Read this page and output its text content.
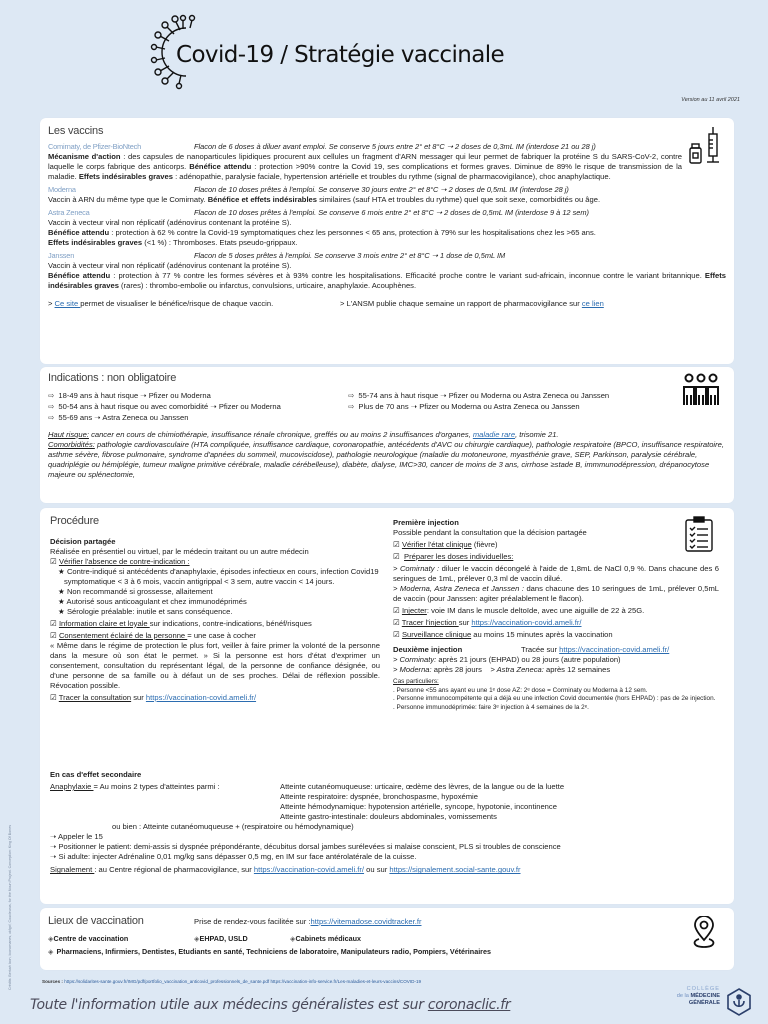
Covid-19 / Stratégie vaccinale
Version au 11 avril 2021
Les vaccins
Comirnaty, de Pfizer-BioNtech	Flacon de 6 doses à diluer avant emploi. Se conserve 5 jours entre 2° et 8°C ➝ 2 doses de 0,3mL IM (interdose 21 ou 28 j)
Mécanisme d'action : des capsules de nanoparticules lipidiques procurent aux cellules un fragment d'ARN messager qui leur permet de fabriquer la protéine S du SARS-CoV-2, contre laquelle le corps fabrique des anticorps. Bénéfice attendu : protection >90% contre la Covid 19, ses complications et formes graves. Diminue de 89% le risque de transmission de la maladie. Effets indésirables graves : adénopathie, paralysie faciale, hypertension artérielle et troubles du rythme (signal de pharmacovigilance), choc anaphylactique.
Moderna	Flacon de 10 doses prêtes à l'emploi. Se conserve 30 jours entre 2° et 8°C ➝ 2 doses de 0,5mL IM (interdose 28 j)
Vaccin à ARN du même type que le Comirnaty. Bénéfice et effets indésirables similaires (sauf HTA et troubles du rythme) quel que soit sexe, comorbidités ou âge.
Astra Zeneca	Flacon de 10 doses prêtes à l'emploi. Se conserve 6 mois entre 2° et 8°C ➝ 2 doses de 0,5mL IM (interdose 9 à 12 sem)
Vaccin à vecteur viral non réplicatif (adénovirus contenant la protéine S).
Bénéfice attendu : protection à 62 % contre la Covid-19 symptomatiques chez les personnes < 65 ans, protection à 79% sur les hospitalisations chez les >65 ans.
Effets indésirables graves (<1 %) : Thromboses. Etats pseudo-grippaux.
Janssen	Flacon de 5 doses prêtes à l'emploi. Se conserve 3 mois entre 2° et 8°C ➝ 1 dose de 0,5mL IM
Vaccin à vecteur viral non réplicatif (adénovirus contenant la protéine S).
Bénéfice attendu : protection à 77 % contre les formes sévères et à 93% contre les hospitalisations. Efficacité proche contre le variant sud-africain, inconnue contre le variant britannique. Effets indésirables graves (rares) : thrombo-embolie ou infarctus, convulsions, urticaire, anaphylaxie. Acouphènes.
> Ce site permet de visualiser le bénéfice/risque de chaque vaccin.	> L'ANSM publie chaque semaine un rapport de pharmacovigilance sur ce lien
Indications : non obligatoire
⇨ 18-49 ans à haut risque ➝ Pfizer ou Moderna	⇨ 55-74 ans à haut risque ➝ Pfizer ou Moderna ou Astra Zeneca ou Janssen
⇨ 50-54 ans à haut risque ou avec comorbidité ➝ Pfizer ou Moderna	⇨ Plus de 70 ans ➝ Pfizer ou Moderna ou Astra Zeneca ou Janssen
⇨ 55-69 ans ➝ Astra Zeneca ou Janssen
Haut risque: cancer en cours de chimiothérapie, insuffisance rénale chronique, greffés ou au moins 2 insuffisances d'organes, maladie rare, trisomie 21.
Comorbidités: pathologie cardiovasculaire (HTA compliquée, insuffisance cardiaque, coronaropathie, antécédents d'AVC ou chirurgie cardiaque), pathologie respiratoire (BPCO, insuffisance respiratoire, asthme sévère, fibrose pulmonaire, syndrome d'apnées du sommeil, mucoviscidose), pathologie neurologique (maladie du motoneurone, myasthénie grave, SEP, Parkinson, paralysie cérébrale, quadriplégie ou hémiplégie, tumeur maligne primitive cérébrale, maladie cérébelleuse), diabète, dialyse, IMC>30, cancer de moins de 3 ans, cirrhose ≥stade B, immmunodépression, drépanocytose majeure ou splénectomie,
Procédure
Décision partagée
Réalisée en présentiel ou virtuel, par le médecin traitant ou un autre médecin
☑ Vérifier l'absence de contre-indication :
★ Contre-indiqué si antécédents d'anaphylaxie, épisodes infectieux en cours, infection Covid19 symptomatique < 3 à 6 mois, vaccin antigrippal < 3 sem, autre vaccin < 14 jours.
★ Non recommandé si grossesse, allaitement
★ Autorisé sous anticoagulant et chez immunodéprimés
★ Sérologie préalable: inutile et sans conséquence.
☑ Information claire et loyale sur indications, contre-indications, bénéf/risques
☑ Consentement éclairé de la personne = une case à cocher
« Même dans le régime de protection le plus fort, veiller à faire primer la volonté de la personne dans la mesure où son état le permet. » Si la personne est hors d'état d'exprimer un consentement, consultation du représentant légal, de la personne de confiance désignée, ou d'une personne de sa famille ou à défaut un de ses proches. Délai de réflexion possible. Révocation possible.
☑ Tracer la consultation sur https://vaccination-covid.ameli.fr/
Première injection
Possible pendant la consultation que la décision partagée
☑ Vérifier l'état clinique (fièvre)
☑ Préparer les doses individuelles:
> Comirnaty : diluer le vaccin décongelé à l'aide de 1,8mL de NaCl 0,9 %. Dans chacune des 6 seringues de 1mL, prélever 0,3 ml de vaccin dilué.
> Moderna, Astra Zeneca et Janssen : dans chacune des 10 seringues de 1mL, prélever 0,5mL de vaccin (pour Janssen: agiter préalablement le flacon).
☑ Injecter: voie IM dans le muscle deltoïde, avec une aiguille de 22 à 25G.
☑ Tracer l'injection sur https://vaccination-covid.ameli.fr/
☑ Surveillance clinique au moins 15 minutes après la vaccination
Deuxième injection	Tracée sur https://vaccination-covid.ameli.fr/
> Corminaty: après 21 jours (EHPAD) ou 28 jours (autre population)
> Moderna: après 28 jours > Astra Zeneca: après 12 semaines
Cas particuliers:
. Personne <55 ans ayant eu une 1ᵉ dose AZ: 2ᵉ dose = Corminaty ou Moderna à 12 sem.
. Personne immunocompétente qui a déjà eu une infection Covid documentée (hors EHPAD) : pas de 2e injection.
. Personne immunodéprimée: faire 3ᵉ injection à 4 semaines de la 2ᵉ.
En cas d'effet secondaire
Anaphylaxie = Au moins 2 types d'atteintes parmi :	Atteinte cutanéomuqueuse: urticaire, œdème des lèvres, de la langue ou de la luette
Atteinte respiratoire: dyspnée, bronchospasme, hypoxémie
Atteinte hémodynamique: hypotension artérielle, syncope, hypotonie, incontinence
Atteinte gastro-intestinale: douleurs abdominales, vomissements
ou bien : Atteinte cutanéomuqueuse + (respiratoire ou hémodynamique)
➝ Appeler le 15
➝ Positionner le patient: demi-assis si dyspnée prépondérante, décubitus dorsal jambes surélevées si malaise conscient, PLS si troubles de conscience
➝ Si adulte: injecter Adrénaline 0,01 mg/kg sans dépasser 0,5 mg, en IM sur face antérolatérale de la cuisse.
Signalement : au Centre régional de pharmacovigilance, sur https://vaccination-covid.ameli.fr/ ou sur https://signalement.social-sante.gouv.fr
Lieux de vaccination	Prise de rendez-vous facilitée sur : https://vitemadose.covidtracker.fr
◈Centre de vaccination	◈EHPAD, USLD	◈Cabinets médicaux
◈ Pharmaciens, Infirmiers, Dentistes, Etudiants en santé, Techniciens de laboratoire, Manipulateurs radio, Pompiers, Vétérinaires
Sources : https://solidarites-sante.gouv.fr/IMG/pdf/portfolio_vaccination_anticovid_professionnels_de_sante.pdf https://vaccination-info-service.fr/Les-maladies-et-leurs-vaccins/COVID-19
Toute l'information utile aux médecins généralistes est sur coronaclic.fr
COLLÈGE
de la MÉDECINE
GÉNÉRALE
Crédits: Berkah Icon, Iconomanes, xkfgcf, Coucleurus, for the Noun Project. Conception: King Of Bones
